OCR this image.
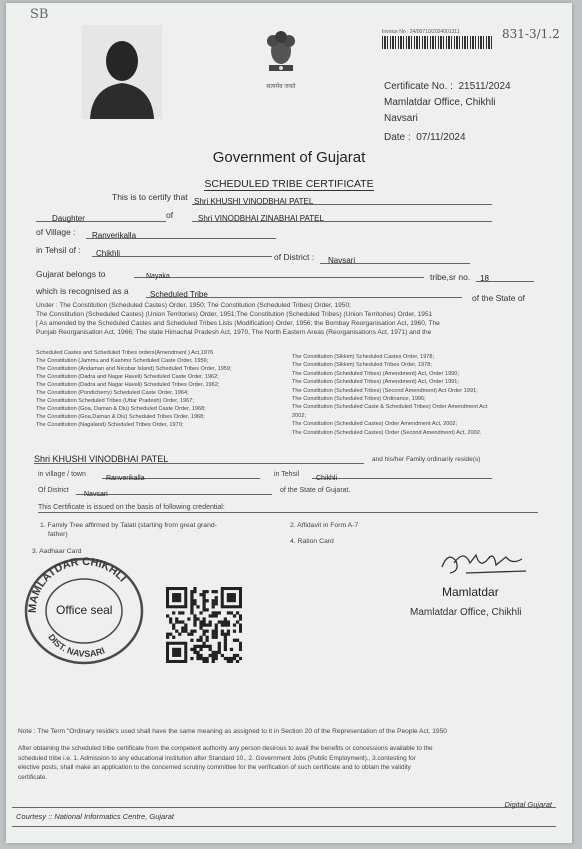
SB
सत्यमेव जयते
Invoice No : 24/00710/2024001311	831-3/1.2
Certificate No. : 21511/2024
Mamlatdar Office, Chikhli
Navsari
Date : 07/11/2024
Government of Gujarat
SCHEDULED TRIBE CERTIFICATE
This is to certify that Shri KHUSHI VINODBHAI PATEL
Daughter	of	Shri VINODBHAI ZINABHAI PATEL
of Village :	Ranverikalla
in Tehsil of :	Chikhli	of District :	Navsari
Gujarat belongs to	Nayaka	tribe,sr no.	18
which is recognised as a	Scheduled Tribe	of the State of
Under : The Constitution (Scheduled Castes) Order, 1950; The Constitution (Scheduled Tribes) Order, 1950;
The Constitution (Scheduled Castes) (Union Territories) Order, 1951;The Constitution (Scheduled Tribes) (Union Territories) Order, 1951
[ As amended by the Scheduled Castes and Scheduled Tribes Lists (Modification) Order, 1956; the Bombay Reorganisation Act, 1960, The
Punjab Reorganisation Act, 1966; The state Himachal Pradesh Act, 1970, The North Eastern Areas (Reorganisations Act, 1971) and the
Scheduled Castes and Scheduled Tribes orders(Amendment ) Act,1976
The Constitution (Jammu and Kashmir Scheduled Caste Order, 1956;
The Constitution (Andaman and Nicobar Island) Scheduled Tribes Order, 1959;
The Constitution (Dadra and Nagar Haveli) Scheduled Caste Order, 1962;
The Constitution (Dadra and Nagar Haveli) Scheduled Tribes Order, 1962;
The Constitution (Pondicherry) Scheduled Caste Order, 1964;
The Constitution Scheduled Tribes (Uttar Pradesh) Order, 1967;
The Constitution (Goa, Daman & Diu) Scheduled Caste Order, 1968;
The Constitution (Goa,Daman & Diu) Scheduled Tribes Order, 1968;
The Constitution (Nagaland) Scheduled Tribes Order, 1970;
The Constitution (Sikkim) Scheduled Castes Order, 1978;
The Constitution (Sikkim) Scheduled Tribes Order, 1978;
The Constitution (Scheduled Tribes) (Amendment) Act, Order 1990;
The Constitution (Scheduled Tribes) (Amendment) Act, Order 1991;
The Constitution (Scheduled Tribes) (Second Amendment) Act Order 1991;
The Constitution (Scheduled Tribes) Ordinance, 1996;
The Constitution (Scheduled Caste & Scheduled Tribes) Order Amendment Act
2002;
The Constitution (Scheduled Castes) Order Amendment Act, 2002;
The Constitution (Scheduled Castes) Order (Second Amendment) Act, 2002.
Shri KHUSHI VINODBHAI PATEL	and his/her Family ordinarily reside(s)
in village / town
Ranverikalla
in Tehsil
Chikhli
Of District
Navsari
of the State of Gujarat.
This Certificate is issued on the basis of following credential:
1. Family Tree affirmed by Talati (starting from great grand-
father)
2. Affidavit in Form A-7
3. Aadhaar Card
4. Ration Card
MAMLATDAR CHIKHLI
DIST. NAVSARI
Office seal
Mamlatdar
Mamlatdar Office, Chikhli
Note : The Term "Ordinary reside's used shall have the same meaning as assigned to it in Section 20 of the Representation of the People Act, 1950
After obtaining the scheduled tribe certificate from the competent authority any person desirous to avail the benefits or concessions available to the
scheduled tribe i.e. 1. Admission to any educational institution after Standard 10., 2. Government Jobs (Public Employment)., 3.contesting for
elective posts, shall make an application to the concerned scrutiny committee for the verification of such certificate and to obtain the validity
certificate.
Courtesy :: National Informatics Centre, Gujarat
Digital Gujarat
